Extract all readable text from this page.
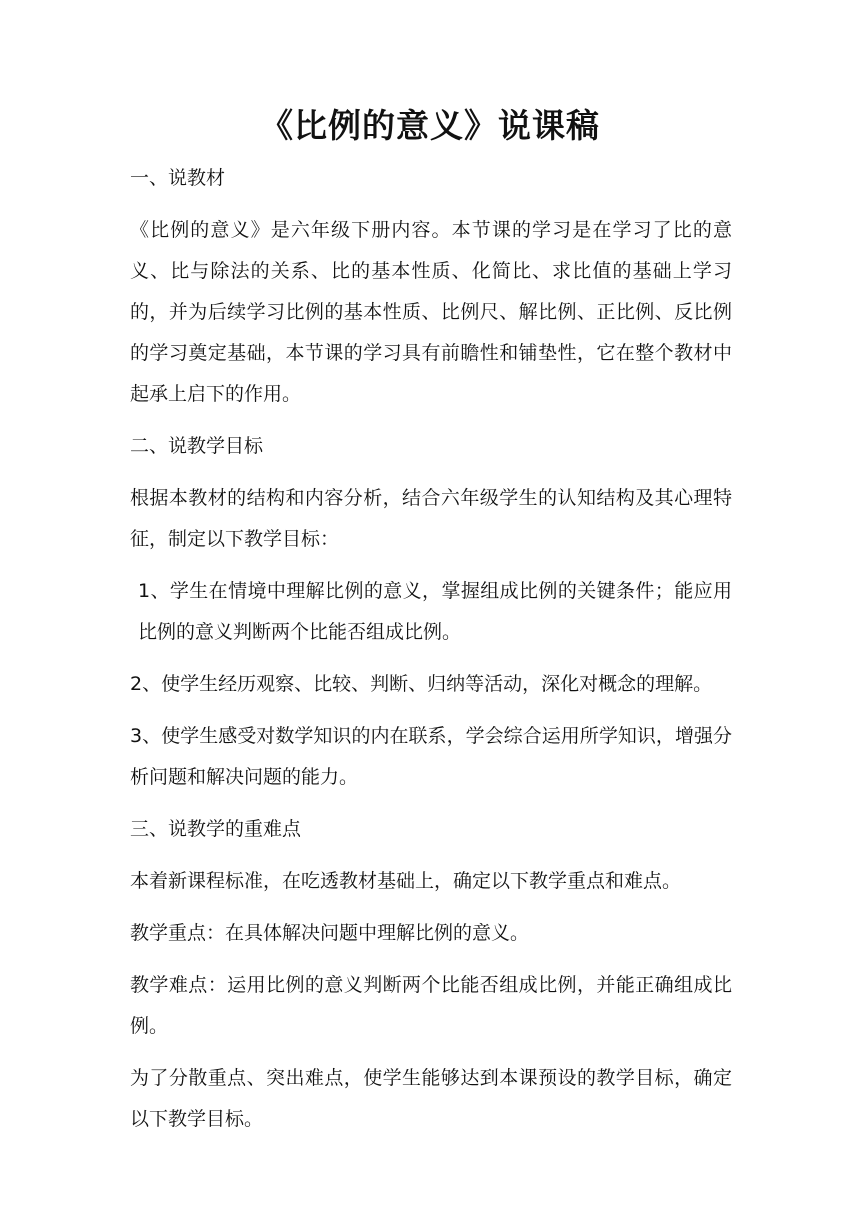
《比例的意义》说课稿

一、说教材

《比例的意义》是六年级下册内容。本节课的学习是在学习了比的意义、比与除法的关系、比的基本性质、化简比、求比值的基础上学习的，并为后续学习比例的基本性质、比例尺、解比例、正比例、反比例的学习奠定基础，本节课的学习具有前瞻性和铺垫性，它在整个教材中起承上启下的作用。

二、说教学目标

根据本教材的结构和内容分析，结合六年级学生的认知结构及其心理特征，制定以下教学目标：

1、学生在情境中理解比例的意义，掌握组成比例的关键条件；能应用比例的意义判断两个比能否组成比例。

2、使学生经历观察、比较、判断、归纳等活动，深化对概念的理解。

3、使学生感受对数学知识的内在联系，学会综合运用所学知识，增强分析问题和解决问题的能力。

三、说教学的重难点

本着新课程标准，在吃透教材基础上，确定以下教学重点和难点。

教学重点：在具体解决问题中理解比例的意义。

教学难点：运用比例的意义判断两个比能否组成比例，并能正确组成比例。

为了分散重点、突出难点，使学生能够达到本课预设的教学目标，确定以下教学目标。
